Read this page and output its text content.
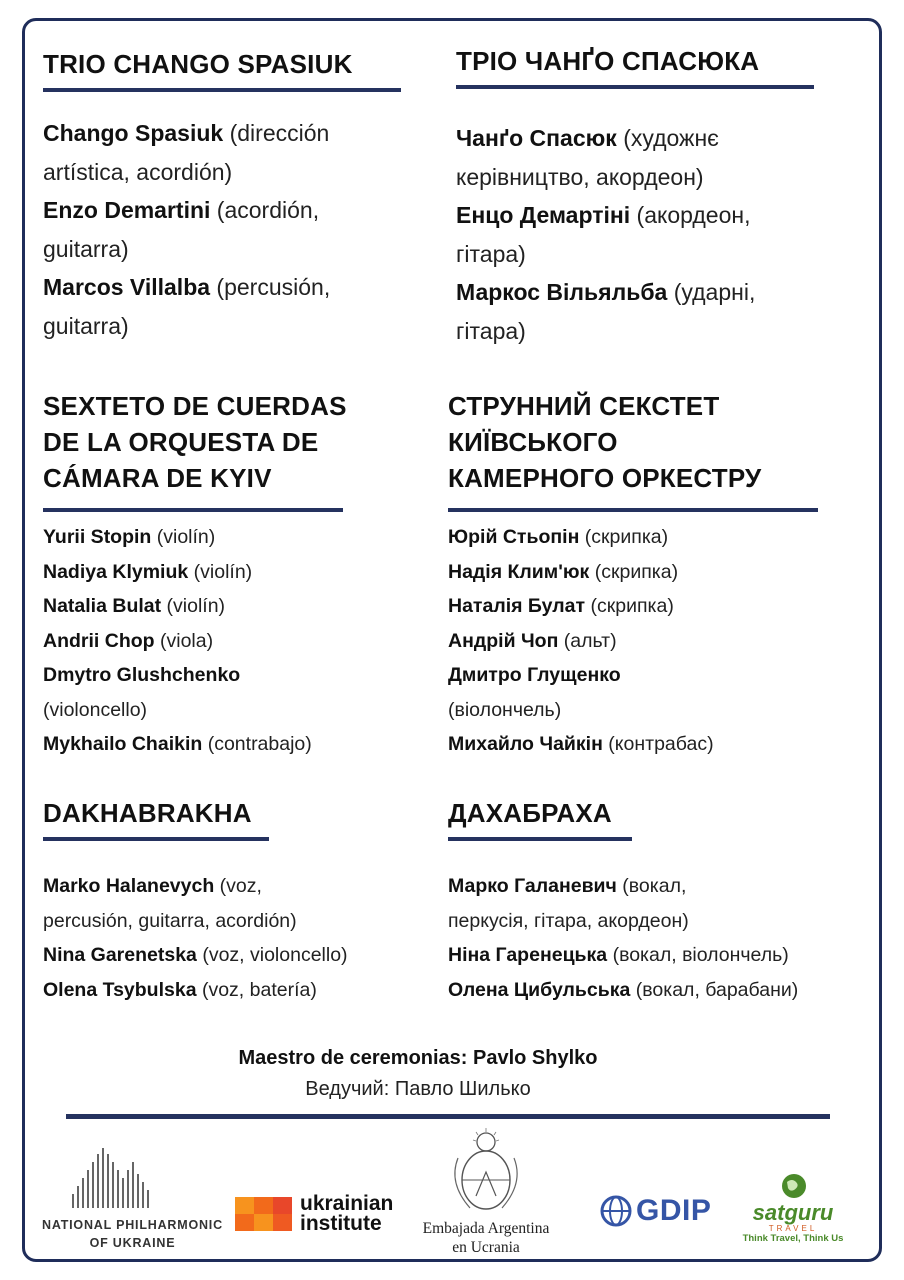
TRIO CHANGO SPASIUK
Chango Spasiuk (dirección
artística, acordión)
Enzo Demartini (acordión,
guitarra)
Marcos Villalba (percusión,
guitarra)
ТРІО ЧАНҐО СПАСЮКА
Чанґо Спасюк (художнє
керівництво, акордеон)
Енцо Демартіні (акордеон,
гітара)
Маркос Вільяльба (ударні,
гітара)
SEXTETO DE CUERDAS
DE LA ORQUESTA DE
CÁMARA DE KYIV
Yurii Stopin (violín)
Nadiya Klymiuk (violín)
Natalia Bulat (violín)
Andrii Chop (viola)
Dmytro Glushchenko
(violoncello)
Mykhailo Chaikin (contrabajo)
СТРУННИЙ СЕКСТЕТ
КИЇВСЬКОГО
КАМЕРНОГО ОРКЕСТРУ
Юрій Стьопін (скрипка)
Надія Клим'юк (скрипка)
Наталія Булат (скрипка)
Андрій Чоп (альт)
Дмитро Глущенко
(віолончель)
Михайло Чайкін (контрабас)
DAKHABRAKHA
Marko Halanevych (voz,
percusión, guitarra, acordión)
Nina Garenetska (voz, violoncello)
Olena Tsybulska (voz, batería)
ДАХАБРАХА
Марко Галаневич (вокал,
перкусія, гітара, акордеон)
Ніна Гаренецька (вокал, віолончель)
Олена Цибульська (вокал, барабани)
Maestro de ceremonias: Pavlo Shylko
Ведучий: Павло Шилько
NATIONAL PHILHARMONIC
OF UKRAINE
ukrainian
institute	Embajada Argentina
en Ucrania
GDIP	satguru
TRAVEL
Think Travel, Think Us
